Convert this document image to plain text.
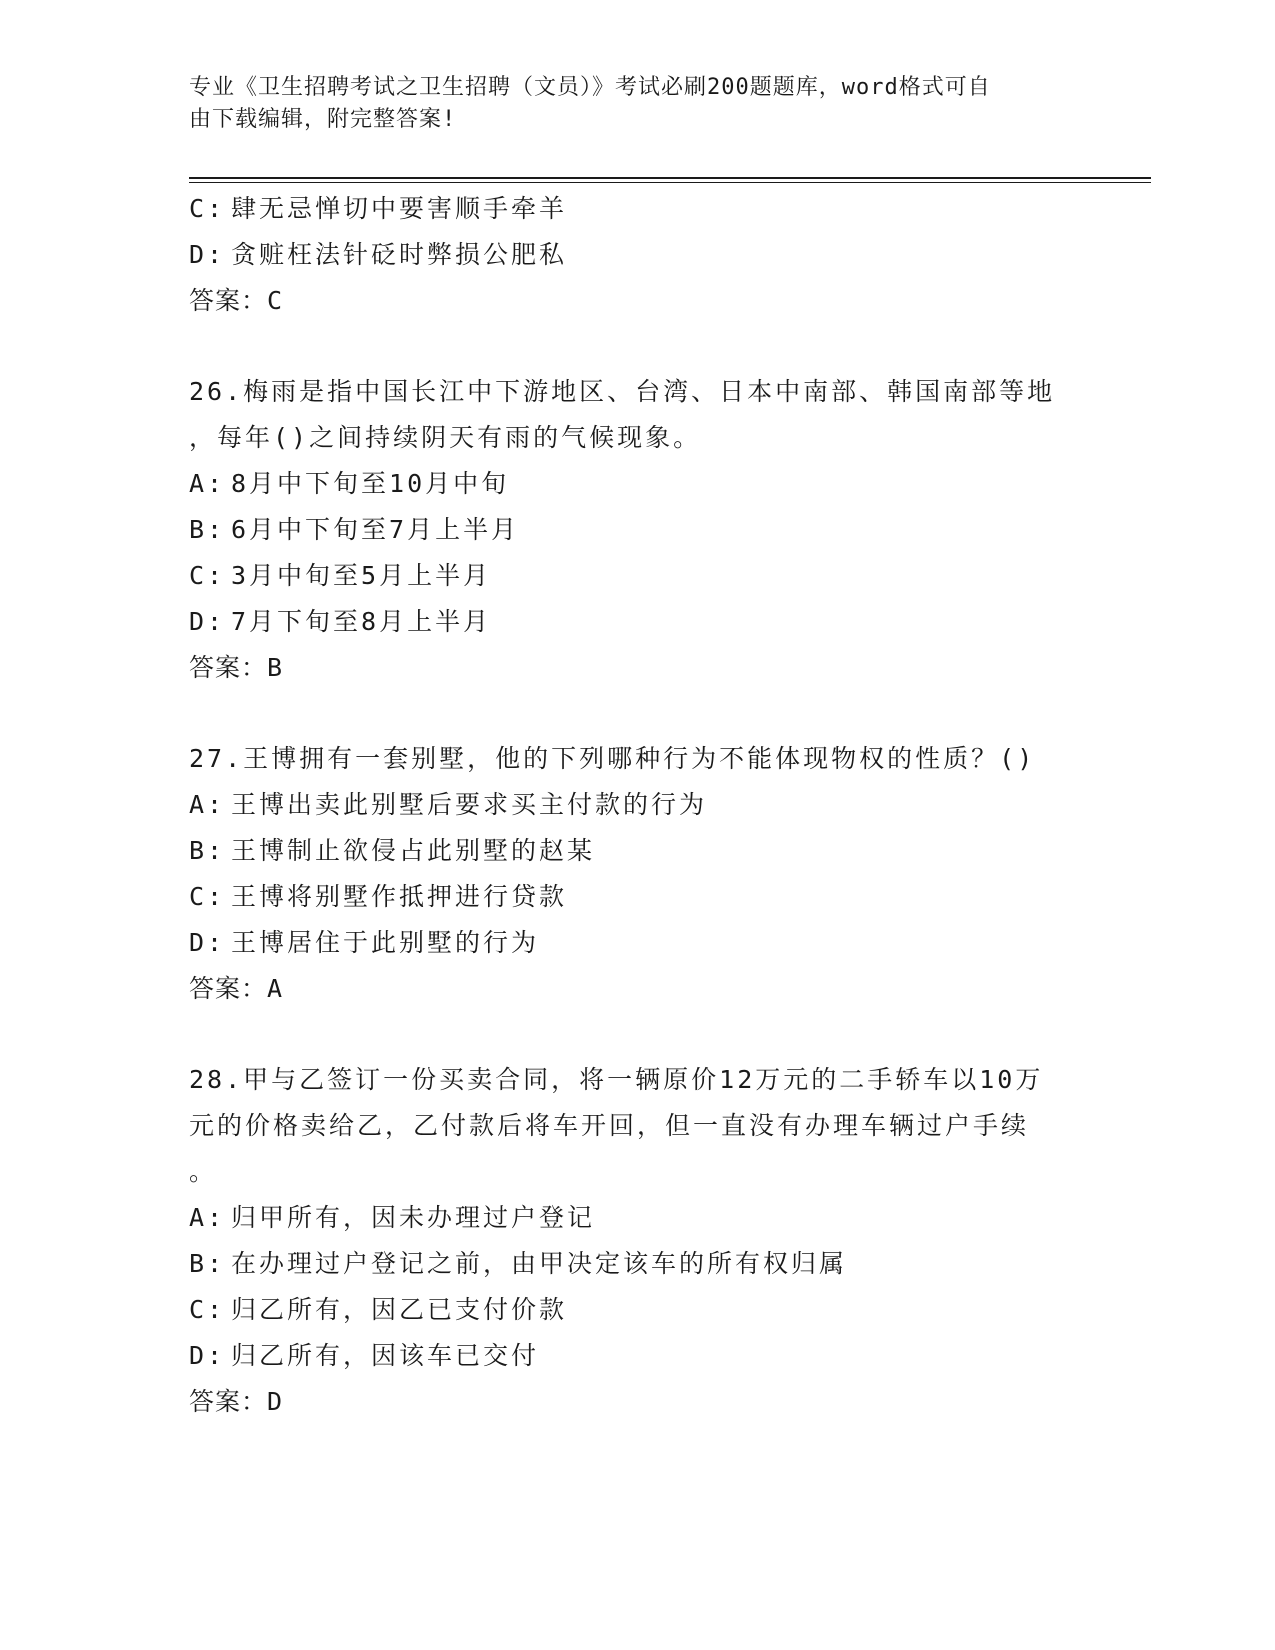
专业《卫生招聘考试之卫生招聘（文员）》考试必刷200题题库，word格式可自
由下载编辑，附完整答案!
C: 肆无忌惮切中要害顺手牵羊
D: 贪赃枉法针砭时弊损公肥私
答案：C
26.梅雨是指中国长江中下游地区、台湾、日本中南部、韩国南部等地
，每年()之间持续阴天有雨的气候现象。
A: 8月中下旬至10月中旬
B: 6月中下旬至7月上半月
C: 3月中旬至5月上半月
D: 7月下旬至8月上半月
答案：B
27.王博拥有一套别墅，他的下列哪种行为不能体现物权的性质？()
A: 王博出卖此别墅后要求买主付款的行为
B: 王博制止欲侵占此别墅的赵某
C: 王博将别墅作抵押进行贷款
D: 王博居住于此别墅的行为
答案：A
28.甲与乙签订一份买卖合同，将一辆原价12万元的二手轿车以10万
元的价格卖给乙，乙付款后将车开回，但一直没有办理车辆过户手续
。
A: 归甲所有，因未办理过户登记
B: 在办理过户登记之前，由甲决定该车的所有权归属
C: 归乙所有，因乙已支付价款
D: 归乙所有，因该车已交付
答案：D
